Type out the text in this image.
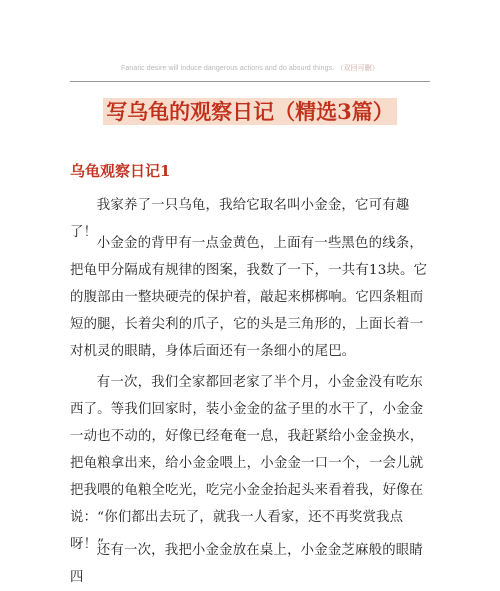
Fanatic desire will induce dangerous actions and do absurd things. （双回可删）
写乌龟的观察日记（精选3篇）
乌龟观察日记1

我家养了一只乌龟，我给它取名叫小金金，它可有趣了！

小金金的背甲有一点金黄色，上面有一些黑色的线条，把龟甲分隔成有规律的图案，我数了一下，一共有13块。它的腹部由一整块硬壳的保护着，敲起来梆梆响。它四条粗而短的腿，长着尖利的爪子，它的头是三角形的，上面长着一对机灵的眼睛，身体后面还有一条细小的尾巴。

有一次，我们全家都回老家了半个月，小金金没有吃东西了。等我们回家时，装小金金的盆子里的水干了，小金金一动也不动的，好像已经奄奄一息，我赶紧给小金金换水，把龟粮拿出来，给小金金喂上，小金金一口一个，一会儿就把我喂的龟粮全吃光，吃完小金金抬起头来看着我，好像在说：“你们都出去玩了，就我一人看家，还不再奖赏我点呀！”

还有一次，我把小金金放在桌上，小金金芝麻般的眼睛四
